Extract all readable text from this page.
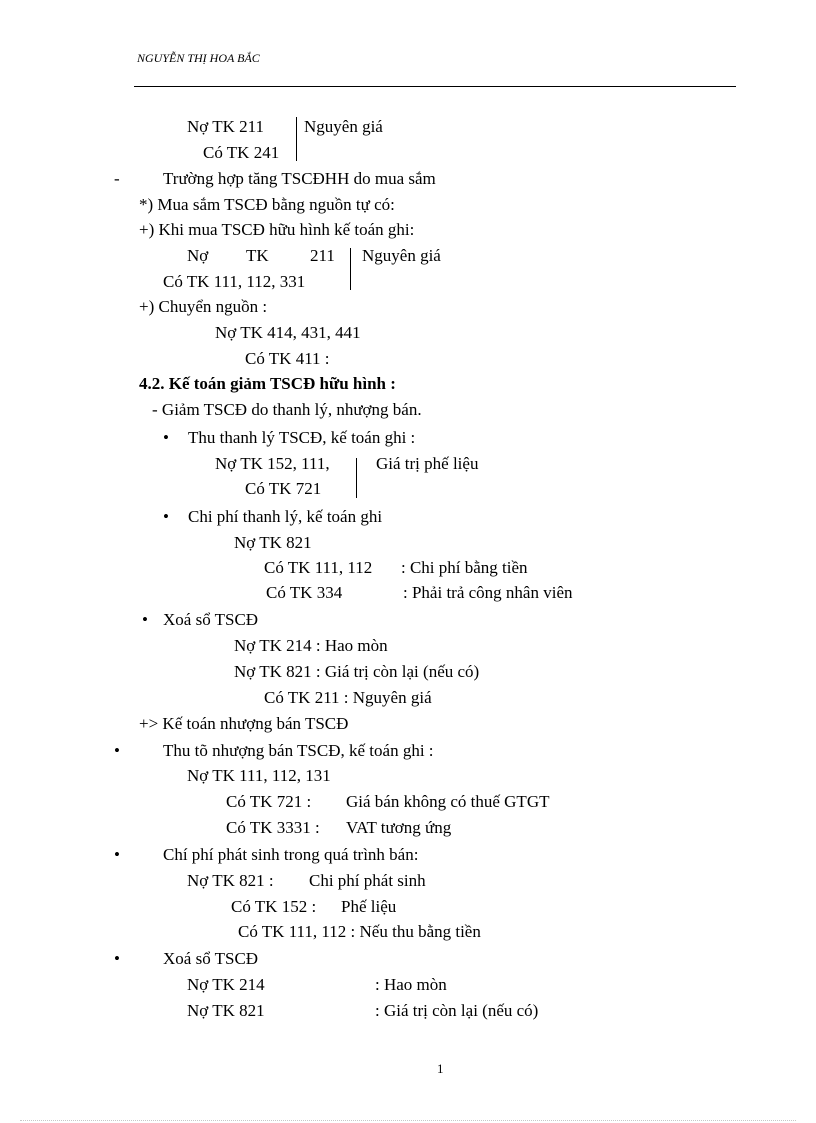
NGUYỄN THỊ HOA BẮC
Nợ TK 211 Nguyên giá
Có TK 241
-	Trường hợp tăng TSCĐHH do mua sắm
*) Mua sắm TSCĐ bằng nguồn tự có:
+) Khi mua TSCĐ hữu hình kế toán ghi:
Nợ TK 211 Nguyên giá
Có TK 111, 112, 331
+) Chuyển nguồn :
Nợ TK 414, 431, 441
Có TK 411 :
4.2. Kế toán giảm TSCĐ hữu hình :
- Giảm TSCĐ do thanh lý, nhượng bán.
• Thu thanh lý TSCĐ, kế toán ghi :
Nợ TK 152, 111,	Giá trị phế liệu
Có TK 721
• Chi phí thanh lý, kế toán ghi
Nợ TK 821
Có TK 111, 112 : Chi phí bằng tiền
Có TK 334	: Phải trả công nhân viên
• Xoá sổ TSCĐ
Nợ TK 214 : Hao mòn
Nợ TK 821 : Giá trị còn lại (nếu có)
Có TK 211 : Nguyên giá
+> Kế toán nhượng bán TSCĐ
•	Thu tõ nhượng bán TSCĐ, kế toán ghi :
Nợ TK 111, 112, 131
Có TK 721 : Giá bán không có thuế GTGT
Có TK 3331 : VAT tương ứng
•	Chí phí phát sinh trong quá trình bán:
Nợ TK 821 : Chi phí phát sinh
Có TK 152 : Phế liệu
Có TK 111, 112 : Nếu thu bằng tiền
•	Xoá sổ TSCĐ
Nợ TK 214	: Hao mòn
Nợ TK 821	: Giá trị còn lại (nếu có)
1
